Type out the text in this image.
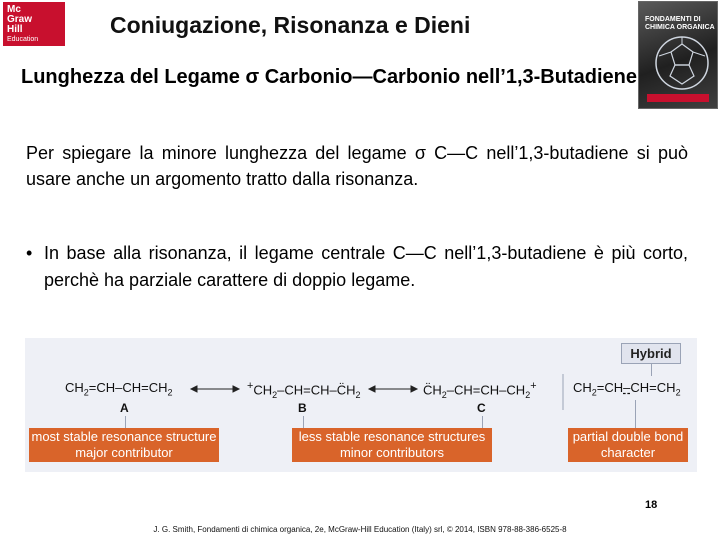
Mc
Graw
Hill
Education
Coniugazione, Risonanza e Dieni	FONDAMENTI DI CHIMICA ORGANICA
Lunghezza del Legame σ Carbonio—Carbonio nell’1,3-Butadiene
Per spiegare la minore lunghezza del legame σ C—C nell’1,3-butadiene si può usare anche un argomento tratto dalla risonanza.
• In base alla risonanza, il legame centrale C—C nell’1,3-butadiene è più corto, perchè ha parziale carattere di doppio legame.
Hybrid
$CH_2=CH-CH=CH_2$
$^+CH_2-CH=CH-C̈H_2$	$C̈H_2-CH=CH-CH_2^+$	$CH_2=CH-CH=CH_2$
A	B	C
most stable resonance structure
major contributor
less stable resonance structures
minor contributors
partial double bond
character
18
J. G. Smith, Fondamenti di chimica organica, 2e, McGraw-Hill Education (Italy) srl, © 2014, ISBN 978-88-386-6525-8
